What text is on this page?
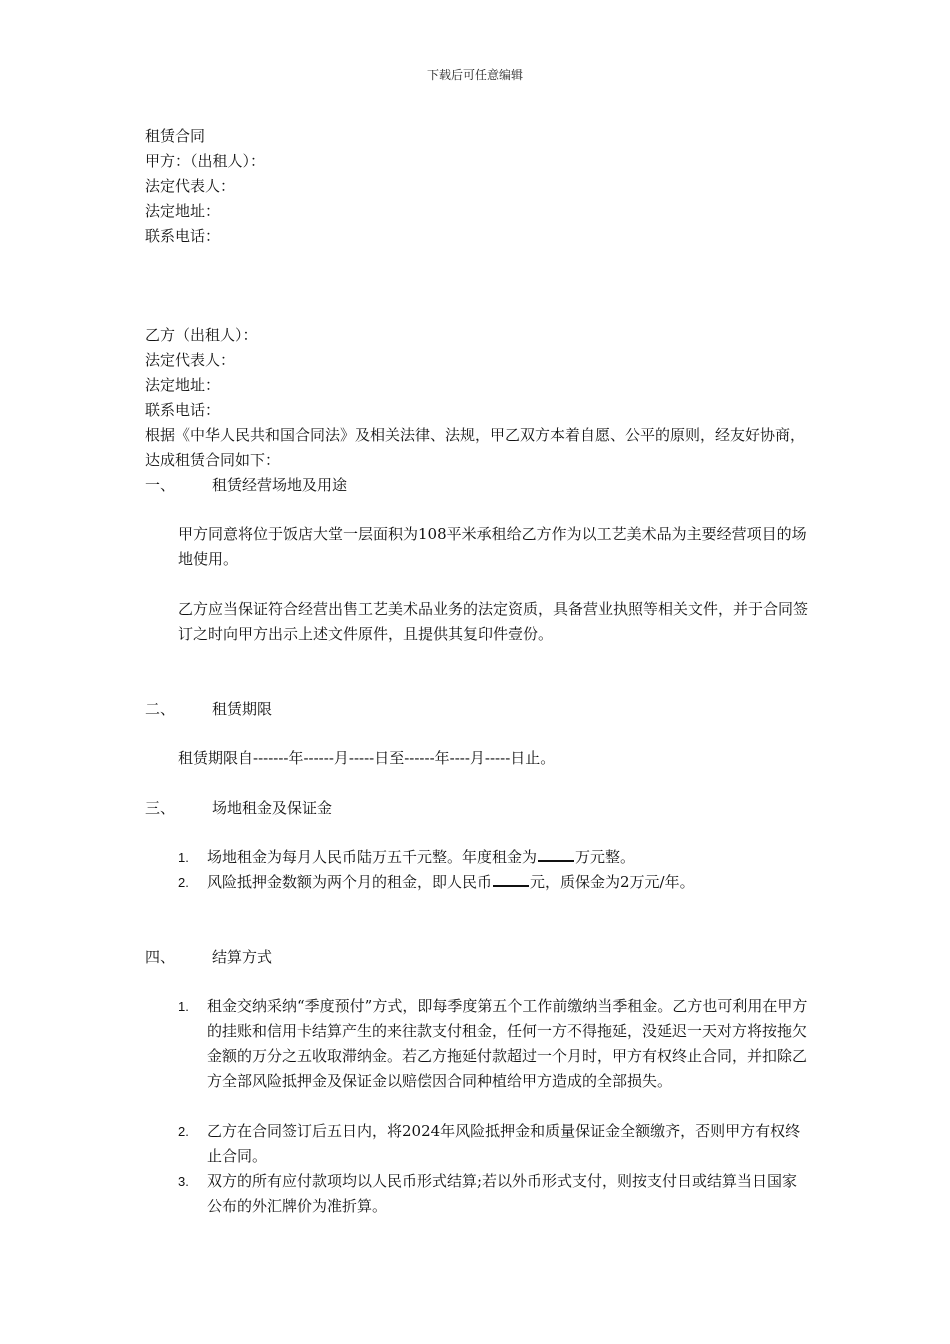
下载后可任意编辑
租赁合同
甲方：（出租人）：
法定代表人：
法定地址：
联系电话：
乙方（出租人）：
法定代表人：
法定地址：
联系电话：
根据《中华人民共和国合同法》及相关法律、法规，甲乙双方本着自愿、公平的原则，经友好协商，达成租赁合同如下：
一、 租赁经营场地及用途
甲方同意将位于饭店大堂一层面积为108平米承租给乙方作为以工艺美术品为主要经营项目的场地使用。
乙方应当保证符合经营出售工艺美术品业务的法定资质，具备营业执照等相关文件，并于合同签订之时向甲方出示上述文件原件，且提供其复印件壹份。
二、 租赁期限
租赁期限自-------年------月-----日至------年----月-----日止。
三、 场地租金及保证金
1. 场地租金为每月人民币陆万五千元整。年度租金为	万元整。
2. 风险抵押金数额为两个月的租金，即人民币	元，质保金为2万元/年。
四、 结算方式
1. 租金交纳采纳“季度预付”方式，即每季度第五个工作前缴纳当季租金。乙方也可利用在甲方的挂账和信用卡结算产生的来往款支付租金，任何一方不得拖延，没延迟一天对方将按拖欠金额的万分之五收取滞纳金。若乙方拖延付款超过一个月时，甲方有权终止合同，并扣除乙方全部风险抵押金及保证金以赔偿因合同种植给甲方造成的全部损失。
2. 乙方在合同签订后五日内，将2024年风险抵押金和质量保证金全额缴齐，否则甲方有权终止合同。
3. 双方的所有应付款项均以人民币形式结算;若以外币形式支付，则按支付日或结算当日国家公布的外汇牌价为准折算。
